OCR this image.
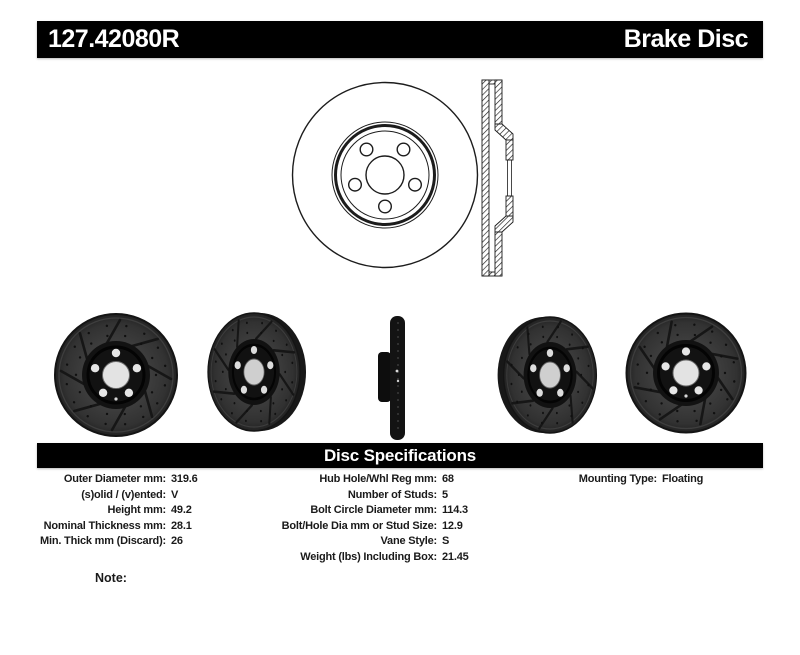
127.42080R	Brake Disc
Disc Specifications
Outer Diameter mm: 319.6
(s)olid / (v)ented: V
Height mm: 49.2
Nominal Thickness mm: 28.1
Min. Thick mm (Discard): 26
Hub Hole/Whl Reg mm: 68
Number of Studs: 5
Bolt Circle Diameter mm: 114.3
Bolt/Hole Dia mm or Stud Size: 12.9
Vane Style: S
Weight (lbs) Including Box: 21.45
Mounting Type: Floating
Note:
